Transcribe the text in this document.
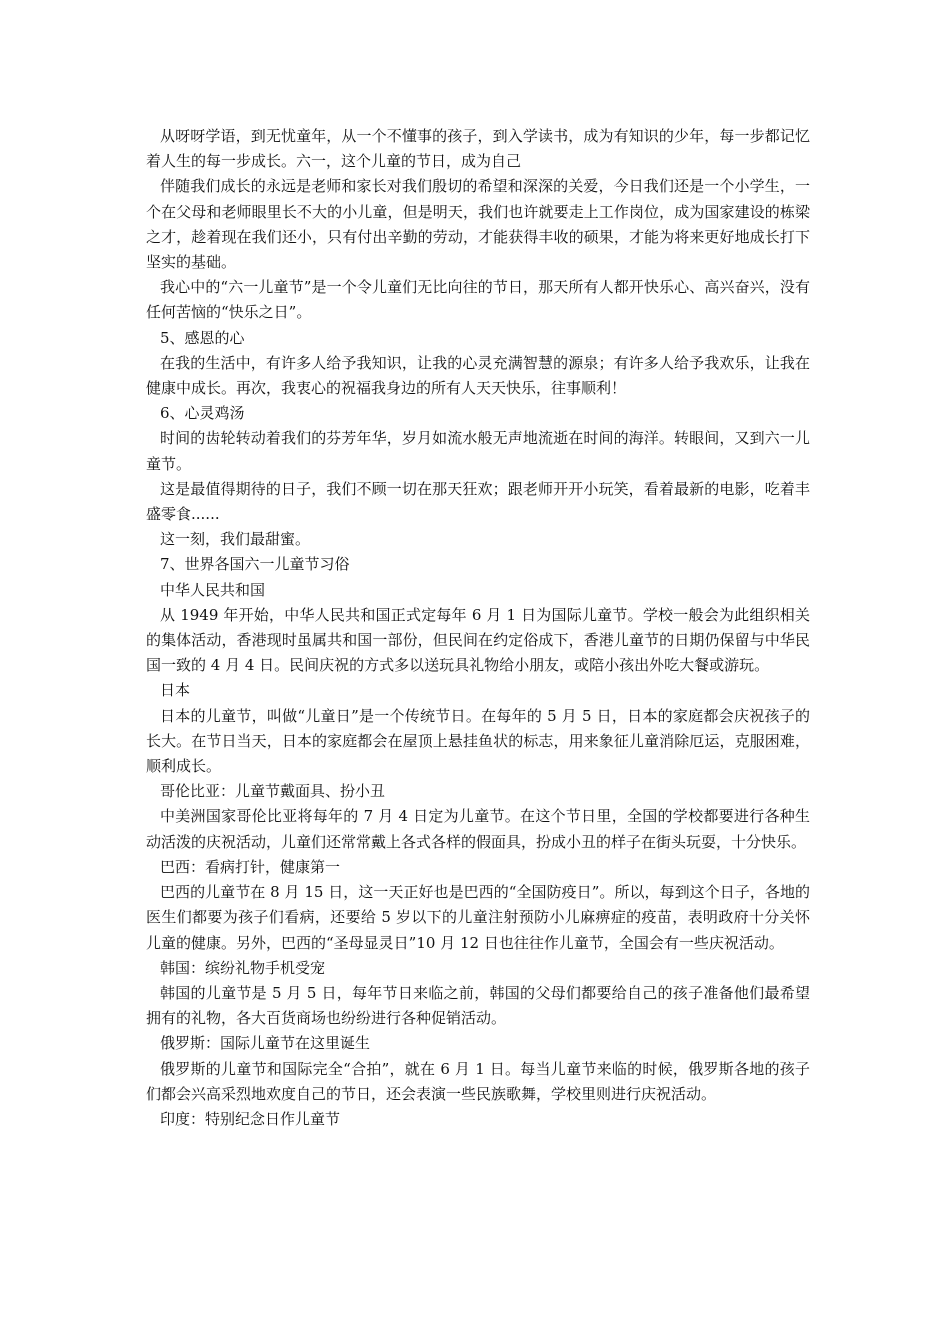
从呀呀学语，到无忧童年，从一个不懂事的孩子，到入学读书，成为有知识的少年，每一步都记忆着人生的每一步成长。六一，这个儿童的节日，成为自己

伴随我们成长的永远是老师和家长对我们殷切的希望和深深的关爱，今日我们还是一个小学生，一个在父母和老师眼里长不大的小儿童，但是明天，我们也许就要走上工作岗位，成为国家建设的栋梁之才，趁着现在我们还小，只有付出辛勤的劳动，才能获得丰收的硕果，才能为将来更好地成长打下坚实的基础。

我心中的“六一儿童节”是一个令儿童们无比向往的节日，那天所有人都开快乐心、高兴奋兴，没有任何苦恼的“快乐之日”。

5、感恩的心

在我的生活中，有许多人给予我知识，让我的心灵充满智慧的源泉；有许多人给予我欢乐，让我在健康中成长。再次，我衷心的祝福我身边的所有人天天快乐，往事顺利！

6、心灵鸡汤

时间的齿轮转动着我们的芬芳年华，岁月如流水般无声地流逝在时间的海洋。转眼间，又到六一儿童节。

这是最值得期待的日子，我们不顾一切在那天狂欢；跟老师开开小玩笑，看着最新的电影，吃着丰盛零食......

这一刻，我们最甜蜜。

7、世界各国六一儿童节习俗

中华人民共和国

从 1949 年开始，中华人民共和国正式定每年 6 月 1 日为国际儿童节。学校一般会为此组织相关的集体活动，香港现时虽属共和国一部份，但民间在约定俗成下，香港儿童节的日期仍保留与中华民国一致的 4 月 4 日。民间庆祝的方式多以送玩具礼物给小朋友，或陪小孩出外吃大餐或游玩。

日本

日本的儿童节，叫做“儿童日”是一个传统节日。在每年的 5 月 5 日，日本的家庭都会庆祝孩子的长大。在节日当天，日本的家庭都会在屋顶上悬挂鱼状的标志，用来象征儿童消除厄运，克服困难，顺利成长。

哥伦比亚：儿童节戴面具、扮小丑

中美洲国家哥伦比亚将每年的 7 月 4 日定为儿童节。在这个节日里，全国的学校都要进行各种生动活泼的庆祝活动，儿童们还常常戴上各式各样的假面具，扮成小丑的样子在街头玩耍，十分快乐。

巴西：看病打针，健康第一

巴西的儿童节在 8 月 15 日，这一天正好也是巴西的“全国防疫日”。所以，每到这个日子，各地的医生们都要为孩子们看病，还要给 5 岁以下的儿童注射预防小儿麻痹症的疫苗，表明政府十分关怀儿童的健康。另外，巴西的“圣母显灵日”10 月 12 日也往往作儿童节，全国会有一些庆祝活动。

韩国：缤纷礼物手机受宠

韩国的儿童节是 5 月 5 日，每年节日来临之前，韩国的父母们都要给自己的孩子准备他们最希望拥有的礼物，各大百货商场也纷纷进行各种促销活动。

俄罗斯：国际儿童节在这里诞生

俄罗斯的儿童节和国际完全“合拍”，就在 6 月 1 日。每当儿童节来临的时候，俄罗斯各地的孩子们都会兴高采烈地欢度自己的节日，还会表演一些民族歌舞，学校里则进行庆祝活动。

印度：特别纪念日作儿童节
